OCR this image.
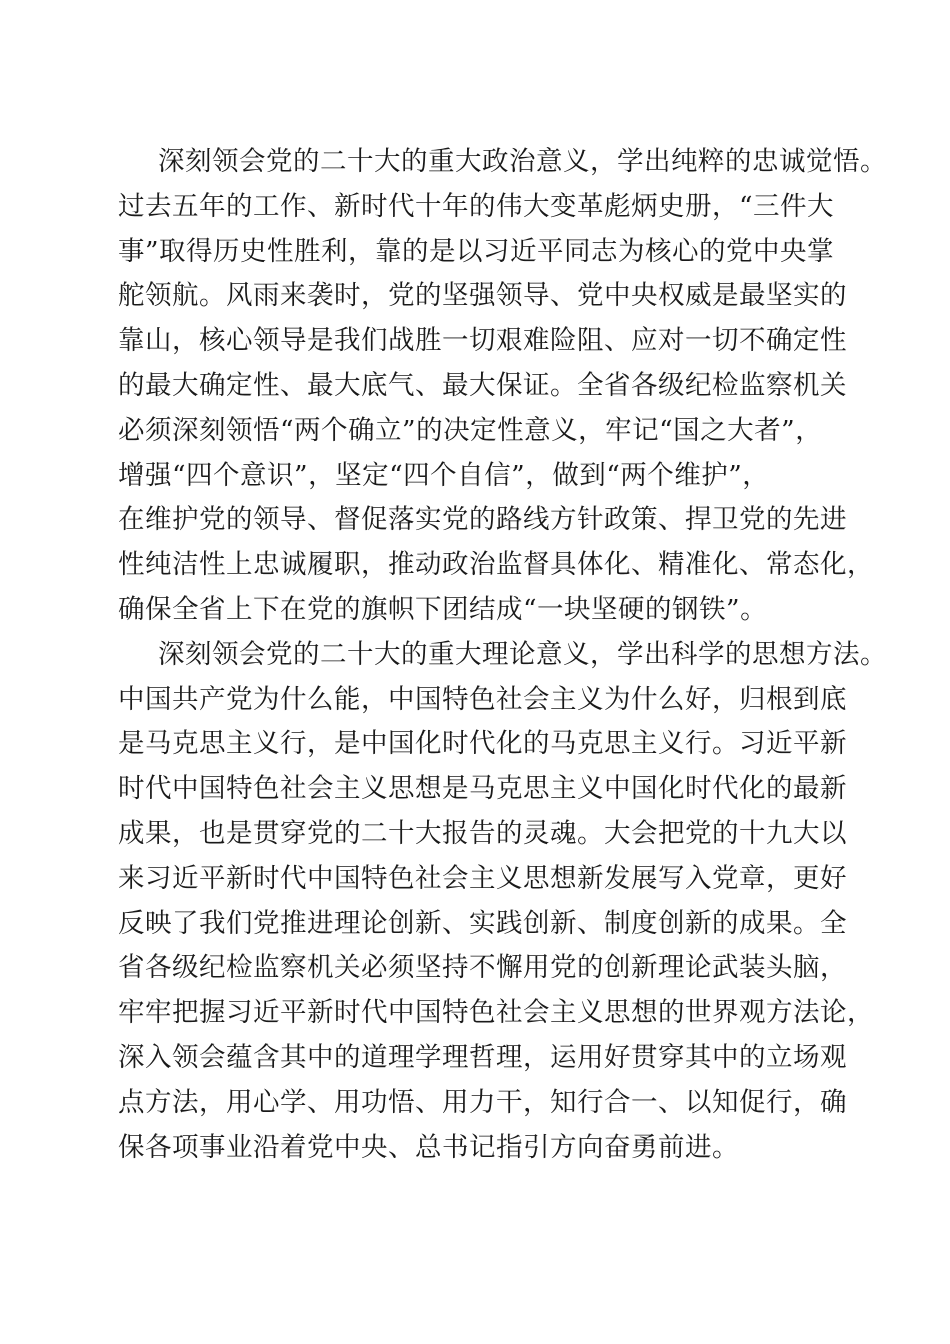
深刻领会党的二十大的重大政治意义，学出纯粹的忠诚觉悟。
过去五年的工作、新时代十年的伟大变革彪炳史册，“三件大
事”取得历史性胜利，靠的是以习近平同志为核心的党中央掌
舵领航。风雨来袭时，党的坚强领导、党中央权威是最坚实的
靠山，核心领导是我们战胜一切艰难险阻、应对一切不确定性
的最大确定性、最大底气、最大保证。全省各级纪检监察机关
必须深刻领悟“两个确立”的决定性意义，牢记“国之大者”，
增强“四个意识”，坚定“四个自信”，做到“两个维护”，
在维护党的领导、督促落实党的路线方针政策、捍卫党的先进
性纯洁性上忠诚履职，推动政治监督具体化、精准化、常态化，
确保全省上下在党的旗帜下团结成“一块坚硬的钢铁”。
深刻领会党的二十大的重大理论意义，学出科学的思想方法。
中国共产党为什么能，中国特色社会主义为什么好，归根到底
是马克思主义行，是中国化时代化的马克思主义行。习近平新
时代中国特色社会主义思想是马克思主义中国化时代化的最新
成果，也是贯穿党的二十大报告的灵魂。大会把党的十九大以
来习近平新时代中国特色社会主义思想新发展写入党章，更好
反映了我们党推进理论创新、实践创新、制度创新的成果。全
省各级纪检监察机关必须坚持不懈用党的创新理论武装头脑，
牢牢把握习近平新时代中国特色社会主义思想的世界观方法论，
深入领会蕴含其中的道理学理哲理，运用好贯穿其中的立场观
点方法，用心学、用功悟、用力干，知行合一、以知促行，确
保各项事业沿着党中央、总书记指引方向奋勇前进。
